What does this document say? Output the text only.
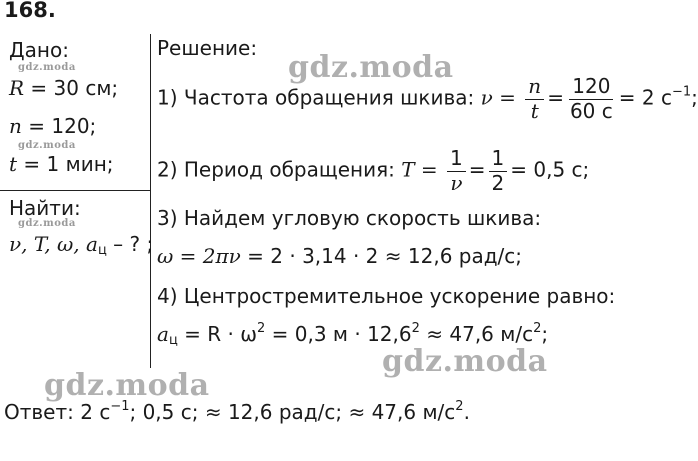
168.
Дано:
R = 30 см;
n = 120;
t = 1 мин;
Найти:
ν, T, ω, $a_ц$ – ? ;
Решение:
1) Частота обращения шкива: $\nu = \frac{n}{t} = \frac{120}{60 с} = 2$ $с^{-1}$;
2) Период обращения: $T = \frac{1}{\nu} = \frac{1}{2} = 0,5$ с;
3) Найдем угловую скорость шкива:
ω = 2πν = 2 · 3,14 · 2 ≈ 12,6 рад/с;
4) Центростремительное ускорение равно:
$a_ц = R \cdot \omega^2 = 0,3$ $м \cdot 12,6^2 \approx 47,6$ $м/с^2$;
Ответ: 2 $с^{-1}$; 0,5 с; ≈ 12,6 рад/с; ≈ 47,6 $м/с^2$.
gdz.moda
gdz.moda
gdz.moda
gdz.moda
gdz.moda
gdz.moda
